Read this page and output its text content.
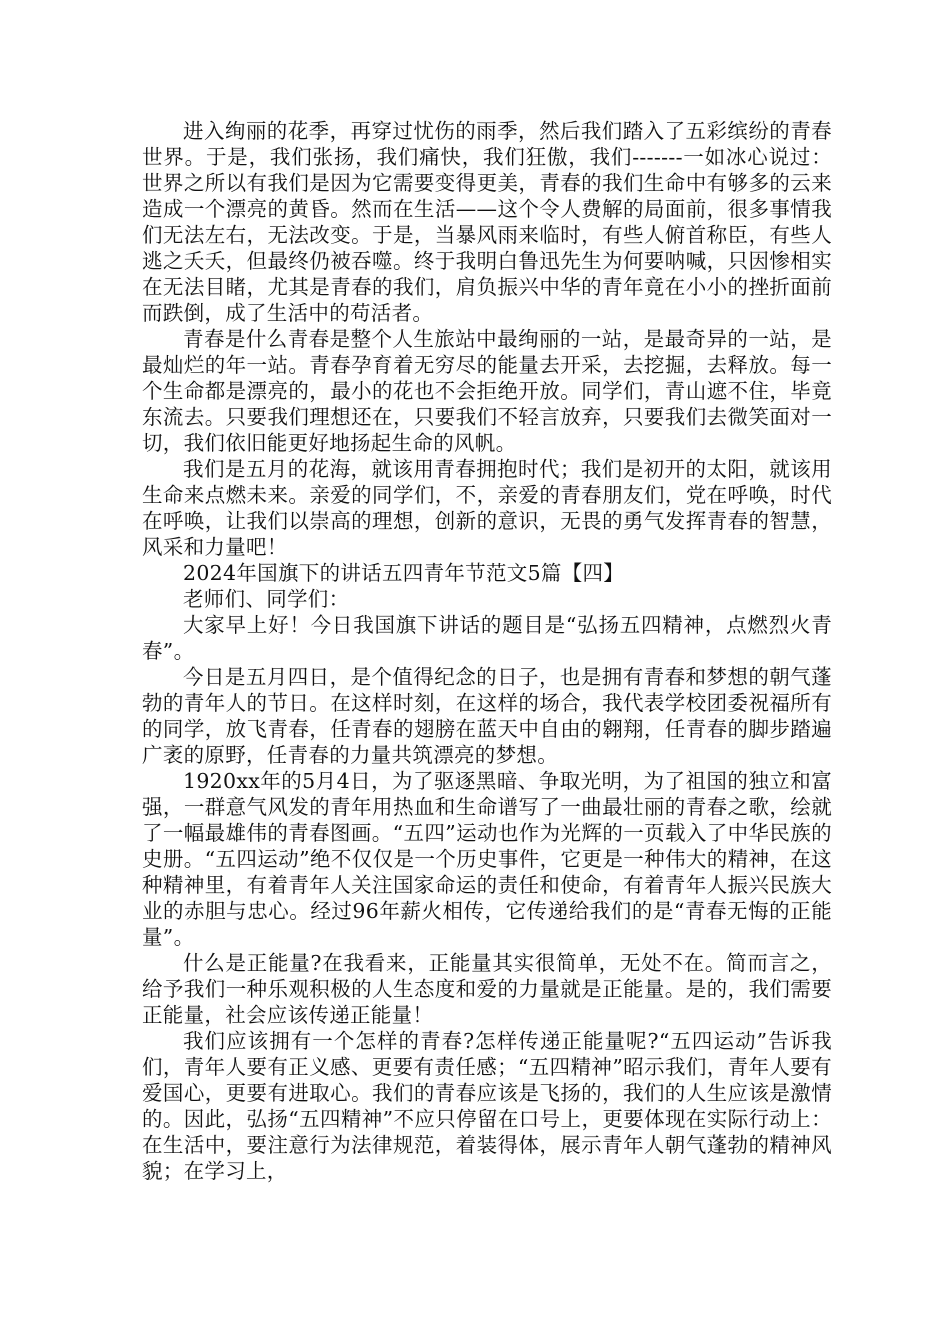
进入绚丽的花季，再穿过忧伤的雨季，然后我们踏入了五彩缤纷的青春世界。于是，我们张扬，我们痛快，我们狂傲，我们-------一如冰心说过：世界之所以有我们是因为它需要变得更美，青春的我们生命中有够多的云来造成一个漂亮的黄昏。然而在生活——这个令人费解的局面前，很多事情我们无法左右，无法改变。于是，当暴风雨来临时，有些人俯首称臣，有些人逃之夭夭，但最终仍被吞噬。终于我明白鲁迅先生为何要呐喊，只因惨相实在无法目睹，尤其是青春的我们，肩负振兴中华的青年竟在小小的挫折面前而跌倒，成了生活中的苟活者。

青春是什么青春是整个人生旅站中最绚丽的一站，是最奇异的一站，是最灿烂的年一站。青春孕育着无穷尽的能量去开采，去挖掘，去释放。每一个生命都是漂亮的，最小的花也不会拒绝开放。同学们，青山遮不住，毕竟东流去。只要我们理想还在，只要我们不轻言放弃，只要我们去微笑面对一切，我们依旧能更好地扬起生命的风帆。

我们是五月的花海，就该用青春拥抱时代；我们是初开的太阳，就该用生命来点燃未来。亲爱的同学们，不，亲爱的青春朋友们，党在呼唤，时代在呼唤，让我们以崇高的理想，创新的意识，无畏的勇气发挥青春的智慧，风采和力量吧！

2024年国旗下的讲话五四青年节范文5篇【四】

老师们、同学们：

大家早上好！今日我国旗下讲话的题目是“弘扬五四精神，点燃烈火青春”。

今日是五月四日，是个值得纪念的日子，也是拥有青春和梦想的朝气蓬勃的青年人的节日。在这样时刻，在这样的场合，我代表学校团委祝福所有的同学，放飞青春，任青春的翅膀在蓝天中自由的翱翔，任青春的脚步踏遍广袤的原野，任青春的力量共筑漂亮的梦想。

1920xx年的5月4日，为了驱逐黑暗、争取光明，为了祖国的独立和富强，一群意气风发的青年用热血和生命谱写了一曲最壮丽的青春之歌，绘就了一幅最雄伟的青春图画。“五四”运动也作为光辉的一页载入了中华民族的史册。“五四运动”绝不仅仅是一个历史事件，它更是一种伟大的精神，在这种精神里，有着青年人关注国家命运的责任和使命，有着青年人振兴民族大业的赤胆与忠心。经过96年薪火相传，它传递给我们的是“青春无悔的正能量”。

什么是正能量?在我看来，正能量其实很简单，无处不在。简而言之，给予我们一种乐观积极的人生态度和爱的力量就是正能量。是的，我们需要正能量，社会应该传递正能量！

我们应该拥有一个怎样的青春?怎样传递正能量呢?“五四运动”告诉我们，青年人要有正义感、更要有责任感；“五四精神”昭示我们，青年人要有爱国心，更要有进取心。我们的青春应该是飞扬的，我们的人生应该是激情的。因此，弘扬“五四精神”不应只停留在口号上，更要体现在实际行动上：在生活中，要注意行为法律规范，着装得体，展示青年人朝气蓬勃的精神风貌；在学习上，
